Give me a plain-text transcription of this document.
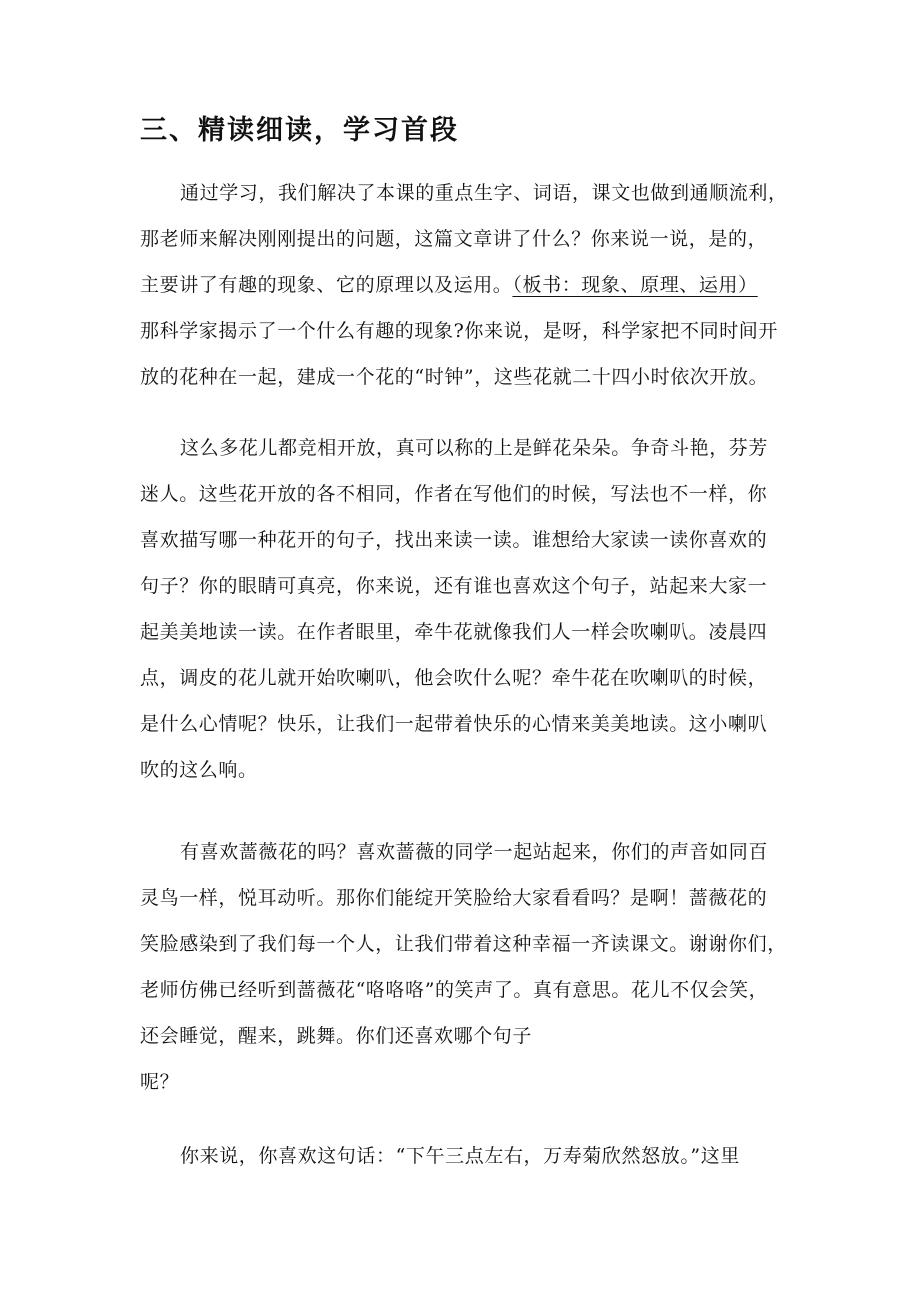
三、精读细读，学习首段
通过学习，我们解决了本课的重点生字、词语，课文也做到通顺流利，
那老师来解决刚刚提出的问题，这篇文章讲了什么？你来说一说，是的，
主要讲了有趣的现象、它的原理以及运用。（板书：现象、原理、运用）
那科学家揭示了一个什么有趣的现象?你来说，是呀，科学家把不同时间开
放的花种在一起，建成一个花的“时钟”，这些花就二十四小时依次开放。
这么多花儿都竞相开放，真可以称的上是鲜花朵朵。争奇斗艳，芬芳
迷人。这些花开放的各不相同，作者在写他们的时候，写法也不一样，你
喜欢描写哪一种花开的句子，找出来读一读。谁想给大家读一读你喜欢的
句子？你的眼睛可真亮，你来说，还有谁也喜欢这个句子，站起来大家一
起美美地读一读。在作者眼里，牵牛花就像我们人一样会吹喇叭。凌晨四
点，调皮的花儿就开始吹喇叭，他会吹什么呢？牵牛花在吹喇叭的时候，
是什么心情呢？快乐，让我们一起带着快乐的心情来美美地读。这小喇叭
吹的这么响。
有喜欢蔷薇花的吗？喜欢蔷薇的同学一起站起来，你们的声音如同百
灵鸟一样，悦耳动听。那你们能绽开笑脸给大家看看吗？是啊！蔷薇花的
笑脸感染到了我们每一个人，让我们带着这种幸福一齐读课文。谢谢你们，
老师仿佛已经听到蔷薇花“咯咯咯”的笑声了。真有意思。花儿不仅会笑，
还会睡觉，醒来，跳舞。你们还喜欢哪个句子
呢？
你来说，你喜欢这句话：“下午三点左右，万寿菊欣然怒放。”这里
